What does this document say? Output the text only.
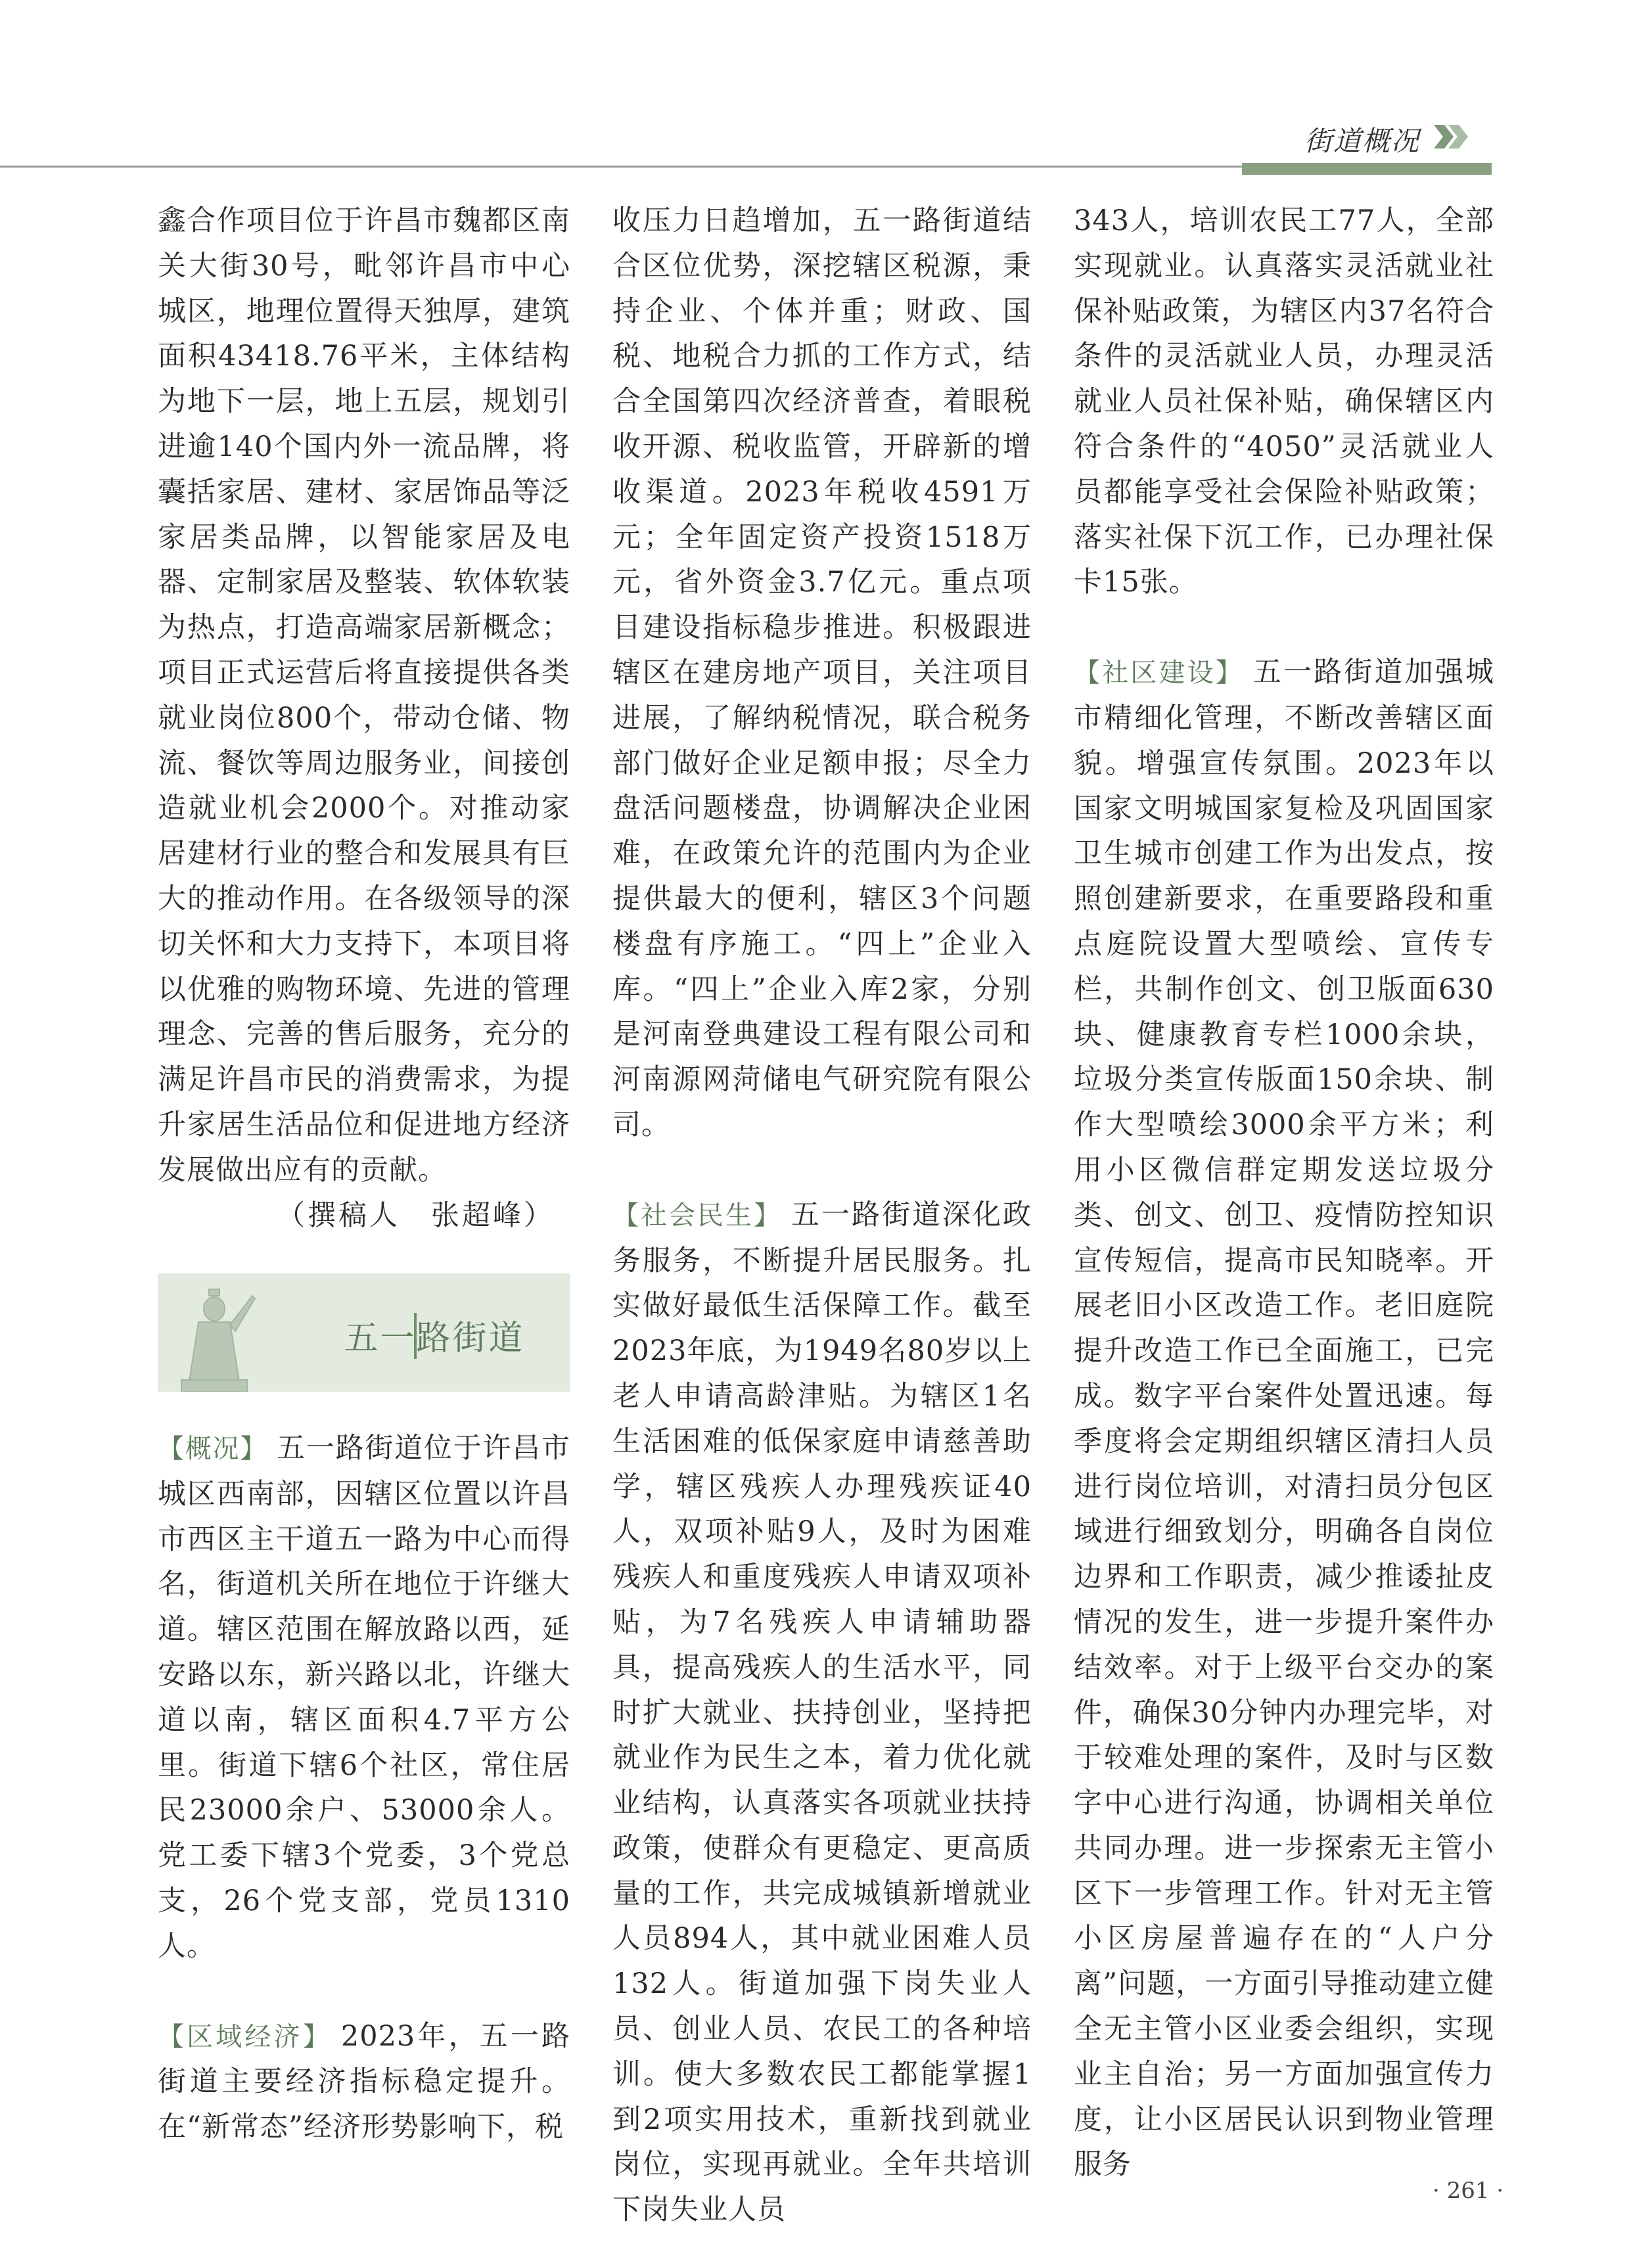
街道概况

鑫合作项目位于许昌市魏都区南关大街30号，毗邻许昌市中心城区，地理位置得天独厚，建筑面积43418.76平米，主体结构为地下一层，地上五层，规划引进逾140个国内外一流品牌，将囊括家居、建材、家居饰品等泛家居类品牌，以智能家居及电器、定制家居及整装、软体软装为热点，打造高端家居新概念；项目正式运营后将直接提供各类就业岗位800个，带动仓储、物流、餐饮等周边服务业，间接创造就业机会2000个。对推动家居建材行业的整合和发展具有巨大的推动作用。在各级领导的深切关怀和大力支持下，本项目将以优雅的购物环境、先进的管理理念、完善的售后服务，充分的满足许昌市民的消费需求，为提升家居生活品位和促进地方经济发展做出应有的贡献。

（撰稿人　张超峰）

五一路街道

【概况】 五一路街道位于许昌市城区西南部，因辖区位置以许昌市西区主干道五一路为中心而得名，街道机关所在地位于许继大道。辖区范围在解放路以西，延安路以东，新兴路以北，许继大道以南，辖区面积4.7平方公里。街道下辖6个社区，常住居民23000余户、53000余人。党工委下辖3个党委，3个党总支，26个党支部，党员1310人。

【区域经济】 2023年，五一路街道主要经济指标稳定提升。在“新常态”经济形势影响下，税

收压力日趋增加，五一路街道结合区位优势，深挖辖区税源，秉持企业、个体并重；财政、国税、地税合力抓的工作方式，结合全国第四次经济普查，着眼税收开源、税收监管，开辟新的增收渠道。2023年税收4591万元；全年固定资产投资1518万元，省外资金3.7亿元。重点项目建设指标稳步推进。积极跟进辖区在建房地产项目，关注项目进展，了解纳税情况，联合税务部门做好企业足额申报；尽全力盘活问题楼盘，协调解决企业困难，在政策允许的范围内为企业提供最大的便利，辖区3个问题楼盘有序施工。“四上”企业入库。“四上”企业入库2家，分别是河南登典建设工程有限公司和河南源网菏储电气研究院有限公司。

【社会民生】 五一路街道深化政务服务，不断提升居民服务。扎实做好最低生活保障工作。截至2023年底，为1949名80岁以上老人申请高龄津贴。为辖区1名生活困难的低保家庭申请慈善助学，辖区残疾人办理残疾证40人，双项补贴9人，及时为困难残疾人和重度残疾人申请双项补贴，为7名残疾人申请辅助器具，提高残疾人的生活水平，同时扩大就业、扶持创业，坚持把就业作为民生之本，着力优化就业结构，认真落实各项就业扶持政策，使群众有更稳定、更高质量的工作，共完成城镇新增就业人员894人，其中就业困难人员132人。街道加强下岗失业人员、创业人员、农民工的各种培训。使大多数农民工都能掌握1到2项实用技术，重新找到就业岗位，实现再就业。全年共培训下岗失业人员

343人，培训农民工77人，全部实现就业。认真落实灵活就业社保补贴政策，为辖区内37名符合条件的灵活就业人员，办理灵活就业人员社保补贴，确保辖区内符合条件的“4050”灵活就业人员都能享受社会保险补贴政策；落实社保下沉工作，已办理社保卡15张。

【社区建设】 五一路街道加强城市精细化管理，不断改善辖区面貌。增强宣传氛围。2023年以国家文明城国家复检及巩固国家卫生城市创建工作为出发点，按照创建新要求，在重要路段和重点庭院设置大型喷绘、宣传专栏，共制作创文、创卫版面630块、健康教育专栏1000余块，垃圾分类宣传版面150余块、制作大型喷绘3000余平方米；利用小区微信群定期发送垃圾分类、创文、创卫、疫情防控知识宣传短信，提高市民知晓率。开展老旧小区改造工作。老旧庭院提升改造工作已全面施工，已完成。数字平台案件处置迅速。每季度将会定期组织辖区清扫人员进行岗位培训，对清扫员分包区域进行细致划分，明确各自岗位边界和工作职责，减少推诿扯皮情况的发生，进一步提升案件办结效率。对于上级平台交办的案件，确保30分钟内办理完毕，对于较难处理的案件，及时与区数字中心进行沟通，协调相关单位共同办理。进一步探索无主管小区下一步管理工作。针对无主管小区房屋普遍存在的“人户分离”问题，一方面引导推动建立健全无主管小区业委会组织，实现业主自治；另一方面加强宣传力度，让小区居民认识到物业管理服务

· 261 ·
